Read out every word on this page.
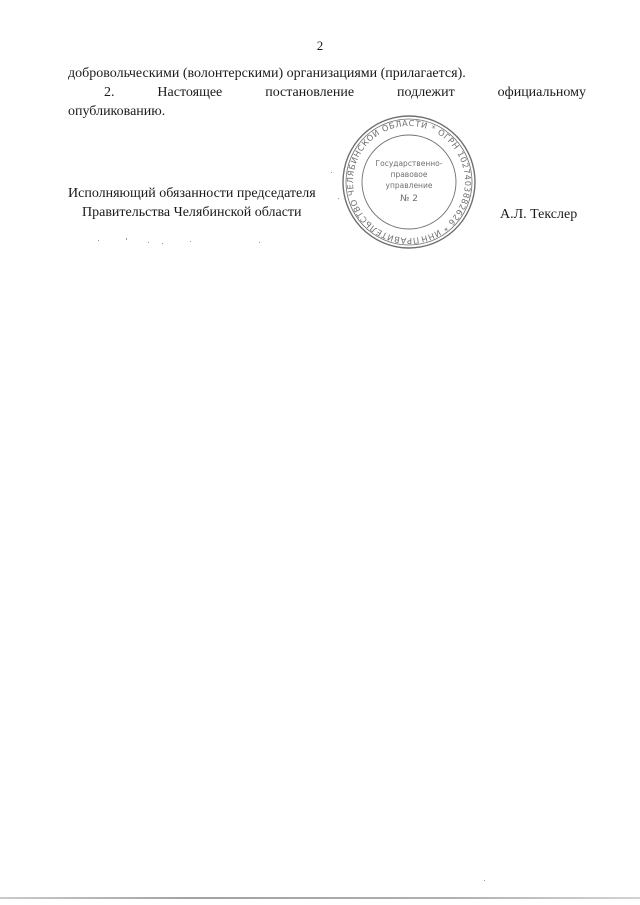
2
добровольческими (волонтерскими) организациями (прилагается).
2.	Настоящее	постановление	подлежит	официальному
опубликованию.
Исполняющий обязанности председателя
Правительства Челябинской области	А.Л. Текслер
ПРАВИТЕЛЬСТВО ЧЕЛЯБИНСКОЙ ОБЛАСТИ * ОГРН 1027403882626 * ИНН
Государственно-
правовое
управление
№ 2
